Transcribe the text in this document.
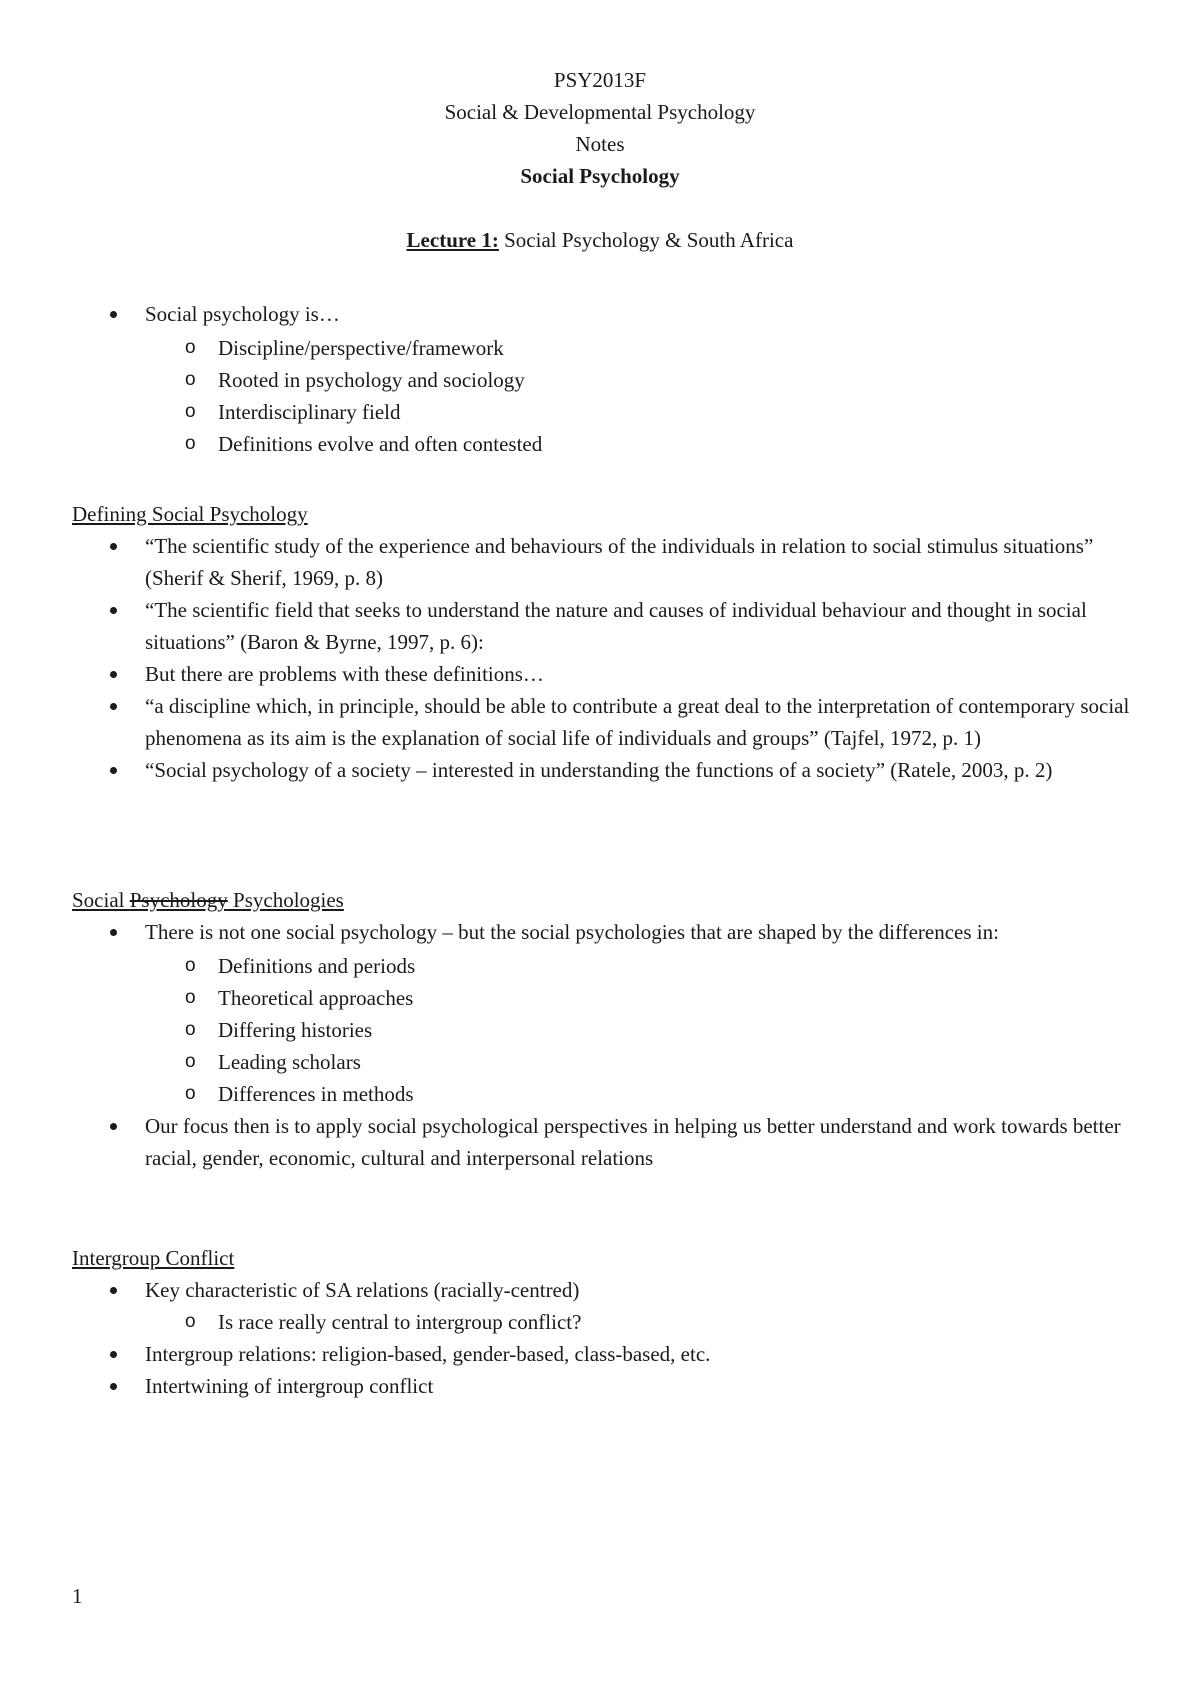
PSY2013F
Social & Developmental Psychology
Notes
Social Psychology
Lecture 1: Social Psychology & South Africa
Social psychology is…
o Discipline/perspective/framework
o Rooted in psychology and sociology
o Interdisciplinary field
o Definitions evolve and often contested
Defining Social Psychology
“The scientific study of the experience and behaviours of the individuals in relation to social stimulus situations” (Sherif & Sherif, 1969, p. 8)
“The scientific field that seeks to understand the nature and causes of individual behaviour and thought in social situations” (Baron & Byrne, 1997, p. 6):
But there are problems with these definitions…
“a discipline which, in principle, should be able to contribute a great deal to the interpretation of contemporary social phenomena as its aim is the explanation of social life of individuals and groups” (Tajfel, 1972, p. 1)
“Social psychology of a society – interested in understanding the functions of a society” (Ratele, 2003, p. 2)
Social Psychology Psychologies
There is not one social psychology – but the social psychologies that are shaped by the differences in:
o Definitions and periods
o Theoretical approaches
o Differing histories
o Leading scholars
o Differences in methods
Our focus then is to apply social psychological perspectives in helping us better understand and work towards better racial, gender, economic, cultural and interpersonal relations
Intergroup Conflict
Key characteristic of SA relations (racially-centred)
o Is race really central to intergroup conflict?
Intergroup relations: religion-based, gender-based, class-based, etc.
Intertwining of intergroup conflict
1
